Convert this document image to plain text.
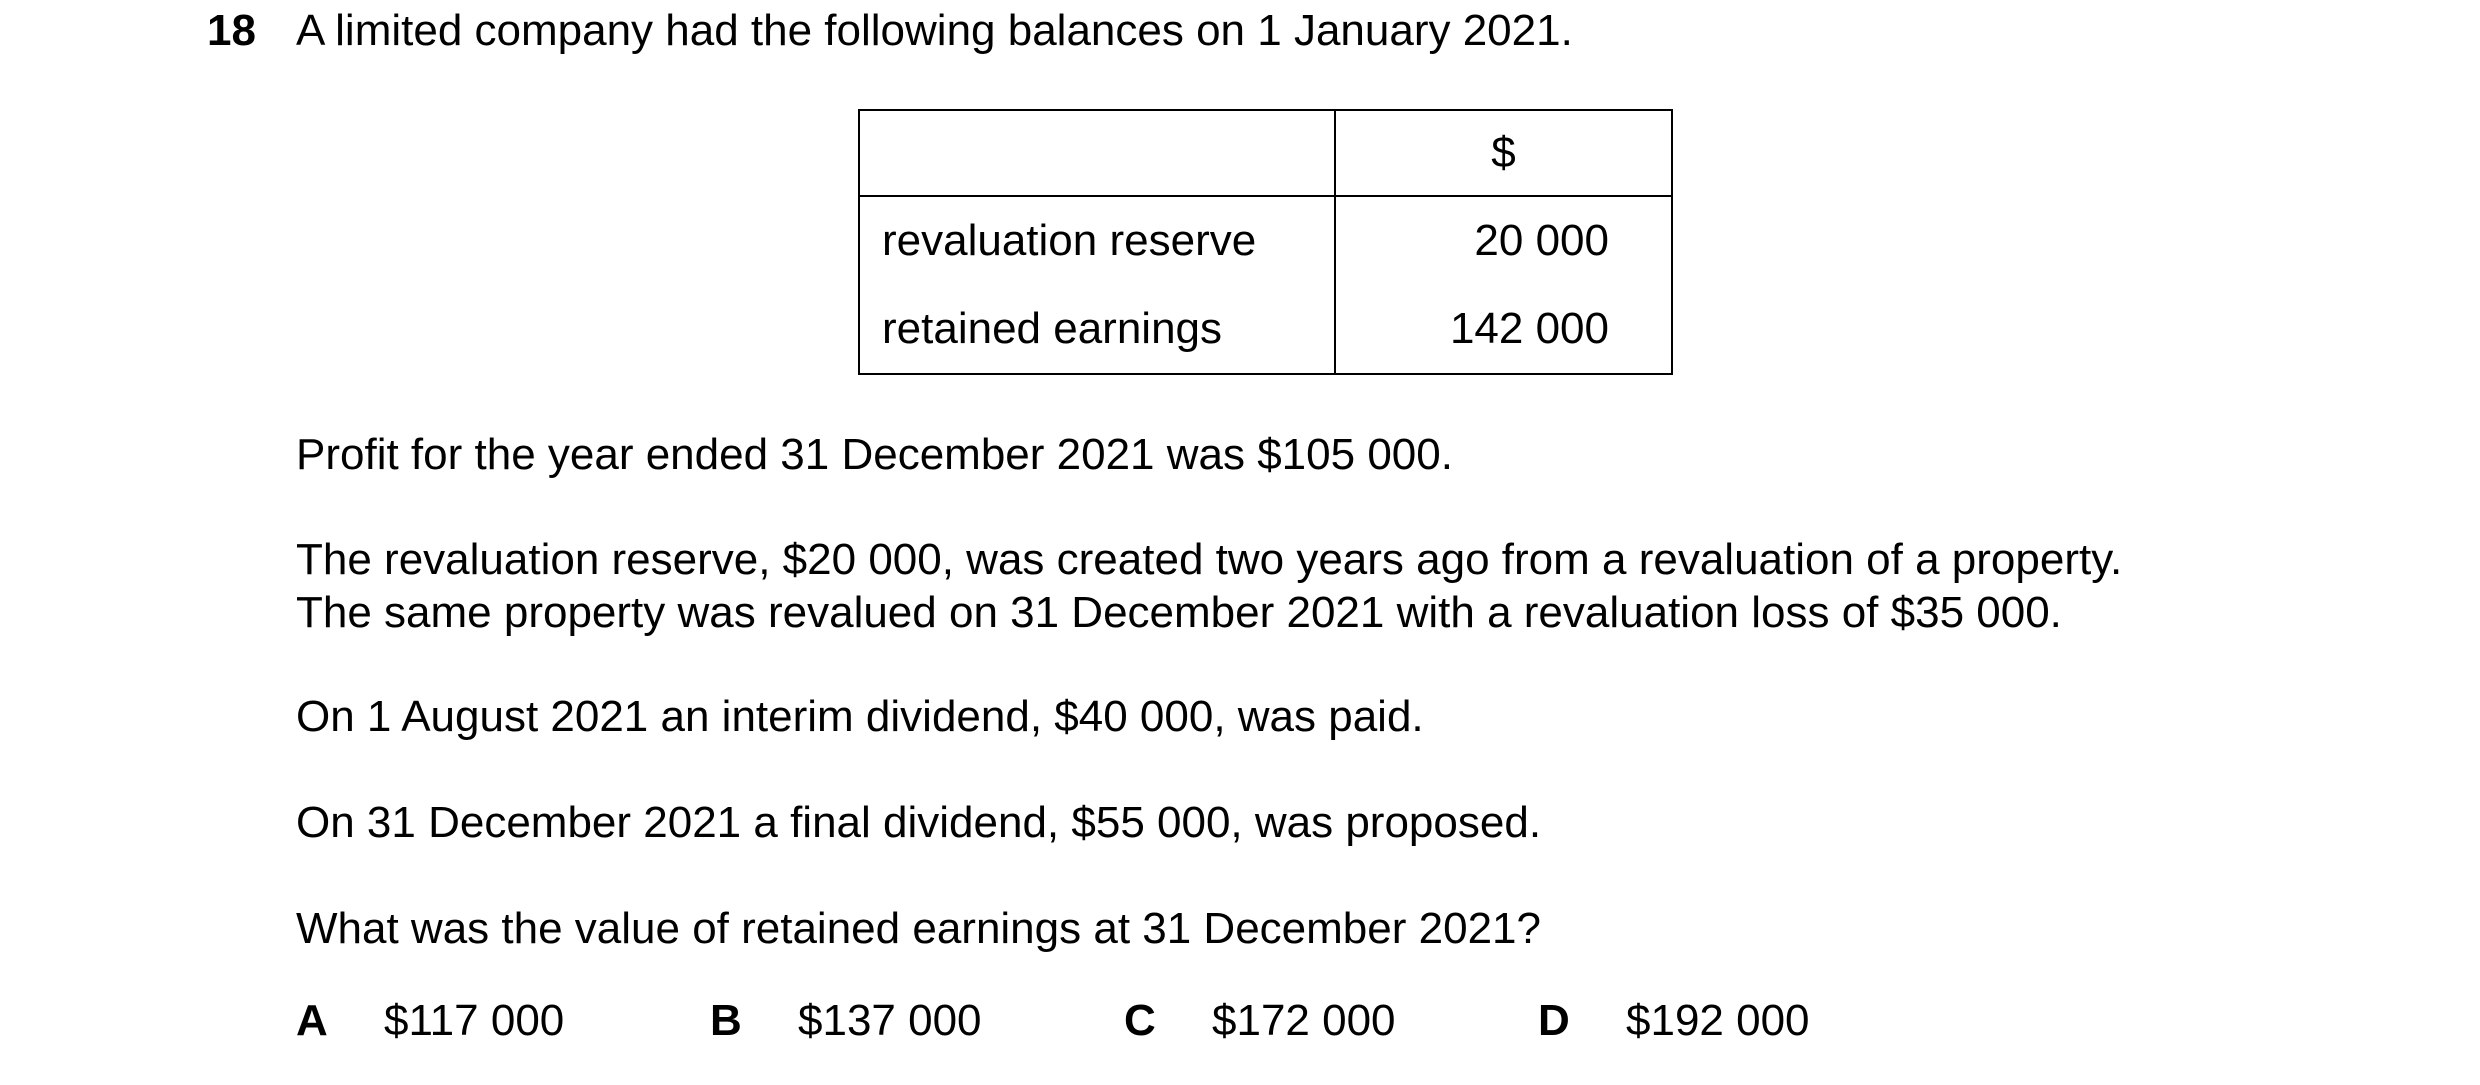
18 A limited company had the following balances on 1 January 2021.
	$
revaluation reserve	20 000
retained earnings	142 000
Profit for the year ended 31 December 2021 was $105 000.
The revaluation reserve, $20 000, was created two years ago from a revaluation of a property.
The same property was revalued on 31 December 2021 with a revaluation loss of $35 000.
On 1 August 2021 an interim dividend, $40 000, was paid.
On 31 December 2021 a final dividend, $55 000, was proposed.
What was the value of retained earnings at 31 December 2021?
A $117 000	B $137 000	C $172 000	D $192 000
